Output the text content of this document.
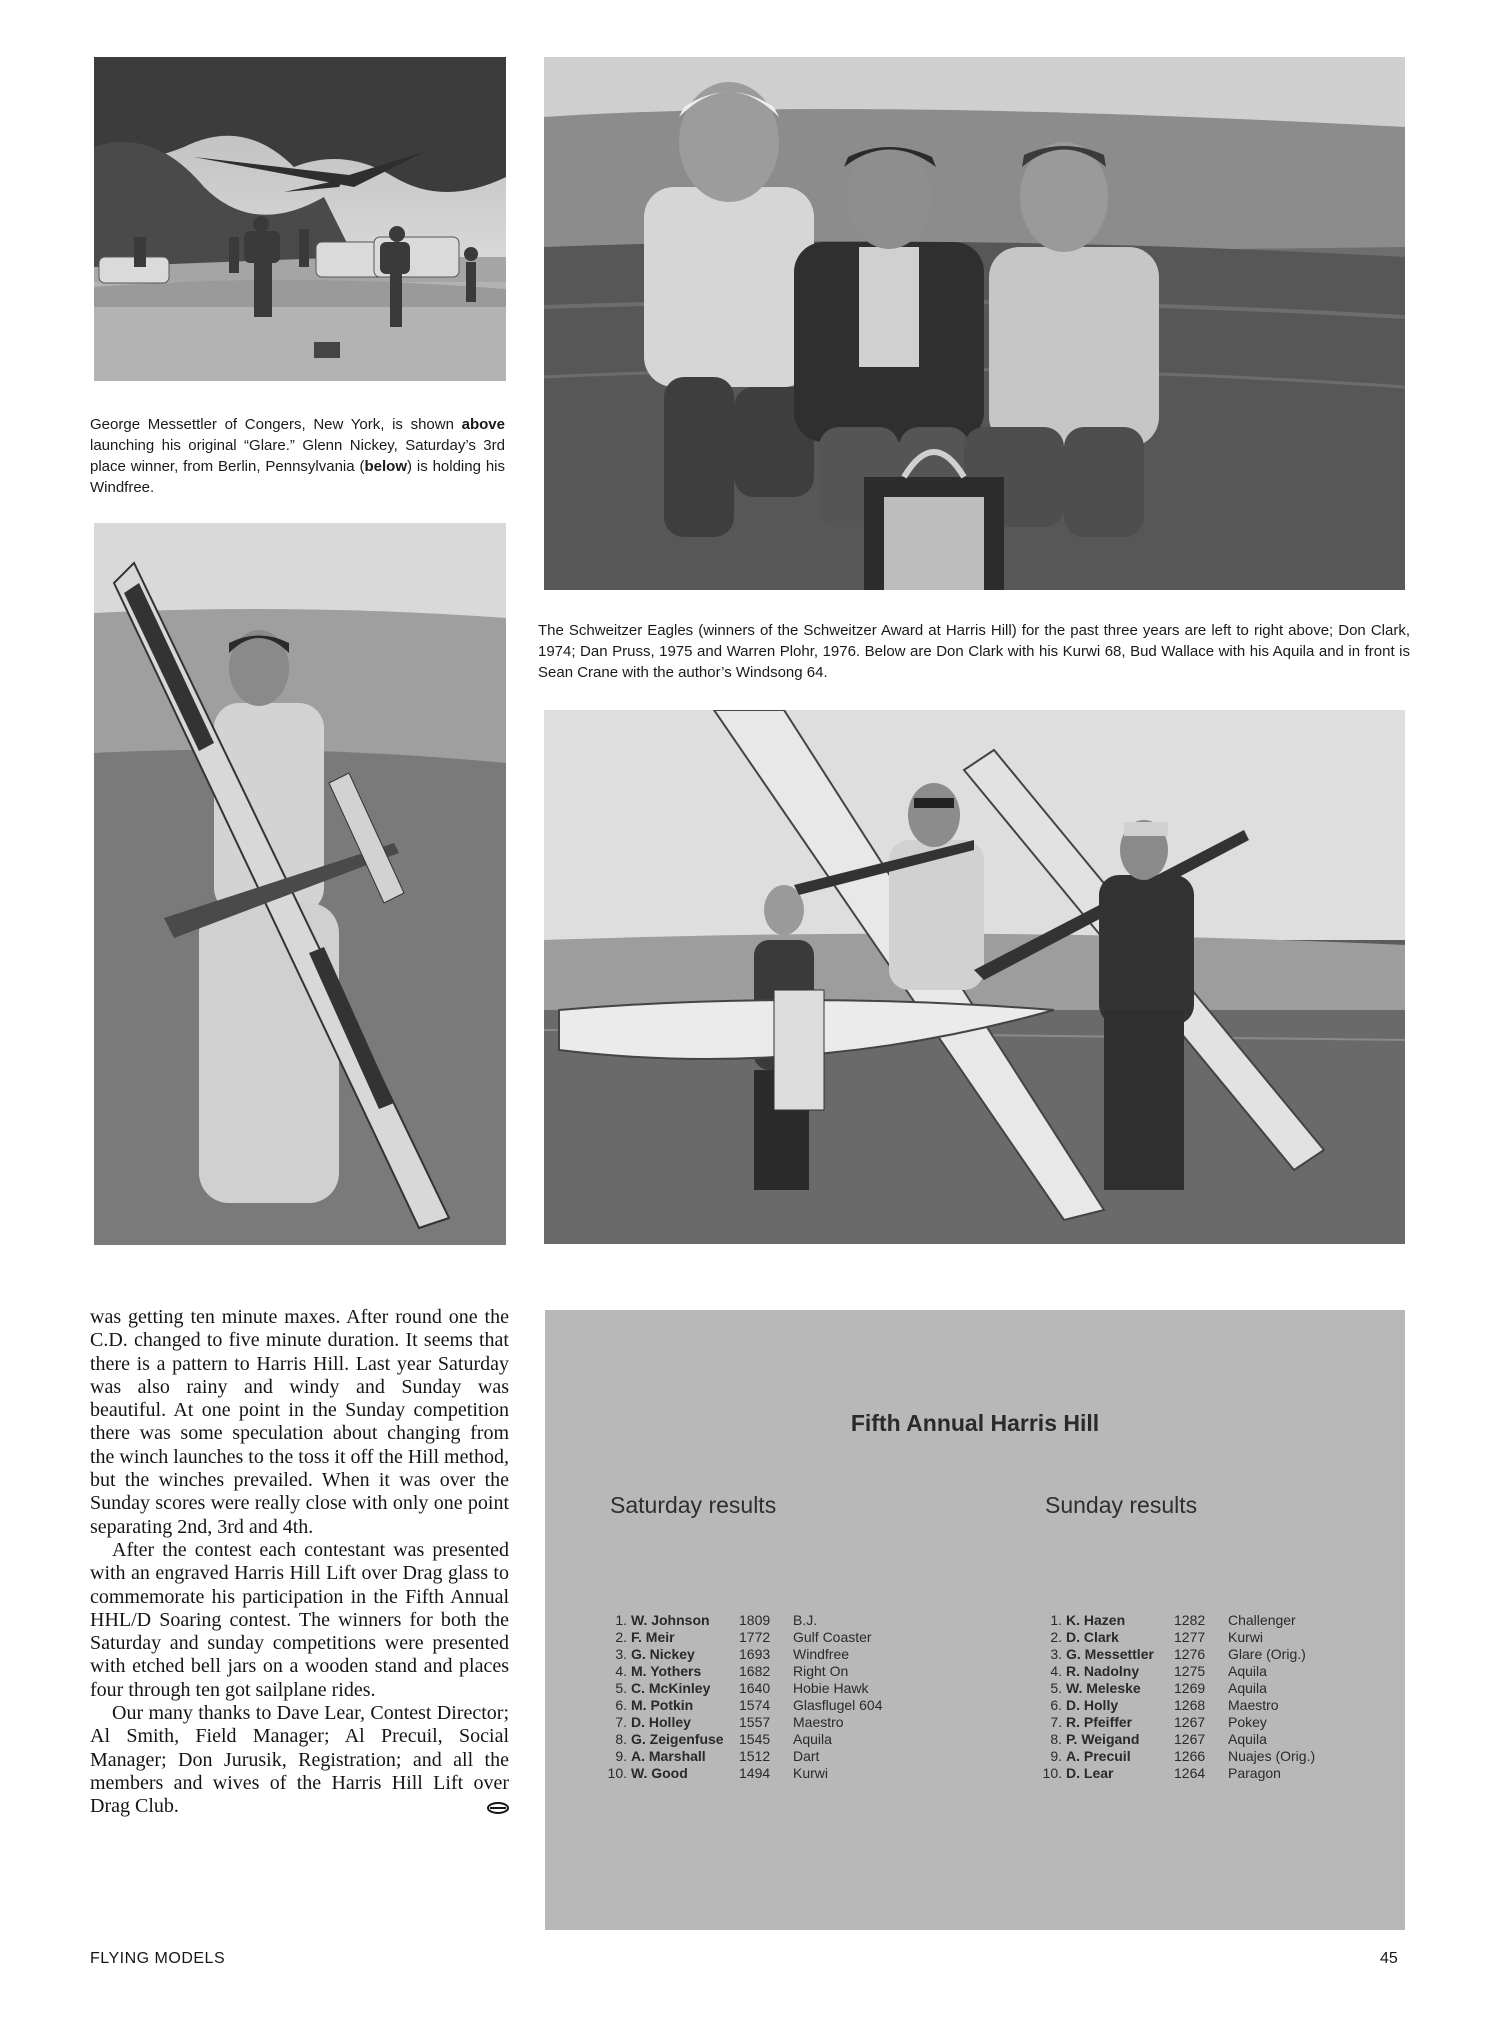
George Messettler of Congers, New York, is shown above launching his original “Glare.” Glenn Nickey, Saturday’s 3rd place winner, from Berlin, Pennsylvania (below) is holding his Windfree.

The Schweitzer Eagles (winners of the Schweitzer Award at Harris Hill) for the past three years are left to right above; Don Clark, 1974; Dan Pruss, 1975 and Warren Plohr, 1976. Below are Don Clark with his Kurwi 68, Bud Wallace with his Aquila and in front is Sean Crane with the author’s Windsong 64.

was getting ten minute maxes. After round one the C.D. changed to five minute duration. It seems that there is a pattern to Harris Hill. Last year Saturday was also rainy and windy and Sunday was beautiful. At one point in the Sunday competition there was some speculation about changing from the winch launches to the toss it off the Hill method, but the winches prevailed. When it was over the Sunday scores were really close with only one point separating 2nd, 3rd and 4th.

After the contest each contestant was presented with an engraved Harris Hill Lift over Drag glass to commemorate his participation in the Fifth Annual HHL/D Soaring contest. The winners for both the Saturday and sunday competitions were presented with etched bell jars on a wooden stand and places four through ten got sailplane rides.

Our many thanks to Dave Lear, Contest Director; Al Smith, Field Manager; Al Precuil, Social Manager; Don Jurusik, Registration; and all the members and wives of the Harris Hill Lift over Drag Club.

Fifth Annual Harris Hill
Saturday results	Sunday results
1.	W. Johnson	1809	B.J.
2.	F. Meir	1772	Gulf Coaster
3.	G. Nickey	1693	Windfree
4.	M. Yothers	1682	Right On
5.	C. McKinley	1640	Hobie Hawk
6.	M. Potkin	1574	Glasflugel 604
7.	D. Holley	1557	Maestro
8.	G. Zeigenfuse	1545	Aquila
9.	A. Marshall	1512	Dart
10.	W. Good	1494	Kurwi
1.	K. Hazen	1282	Challenger
2.	D. Clark	1277	Kurwi
3.	G. Messettler	1276	Glare (Orig.)
4.	R. Nadolny	1275	Aquila
5.	W. Meleske	1269	Aquila
6.	D. Holly	1268	Maestro
7.	R. Pfeiffer	1267	Pokey
8.	P. Weigand	1267	Aquila
9.	A. Precuil	1266	Nuajes (Orig.)
10.	D. Lear	1264	Paragon
FLYING MODELS	45
